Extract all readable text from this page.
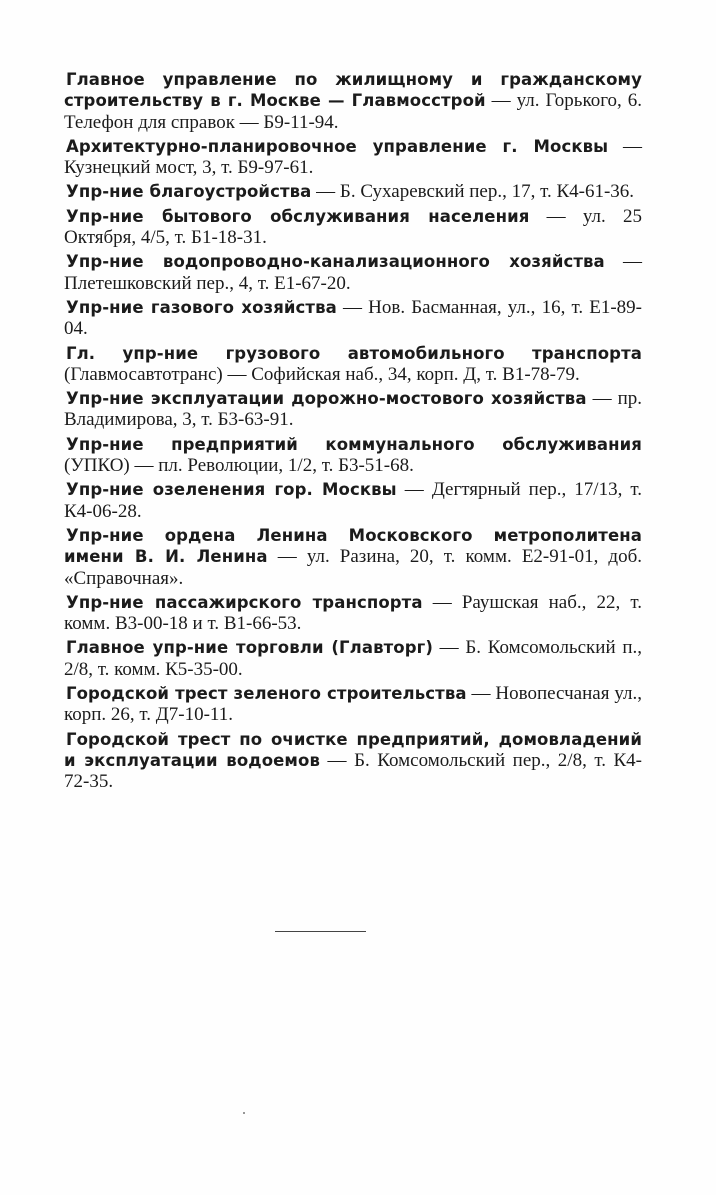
Главное управление по жилищному и гражданскому строительству в г. Москве — Главмосстрой — ул. Горького, 6. Телефон для справок — Б9-11-94.
Архитектурно-планировочное управление г. Москвы — Кузнецкий мост, 3, т. Б9-97-61.
Упр-ние благоустройства — Б. Сухаревский пер., 17, т. К4-61-36.
Упр-ние бытового обслуживания населения — ул. 25 Октября, 4/5, т. Б1-18-31.
Упр-ние водопроводно-канализационного хозяйства — Плетешковский пер., 4, т. Е1-67-20.
Упр-ние газового хозяйства — Нов. Басманная, ул., 16, т. Е1-89-04.
Гл. упр-ние грузового автомобильного транспорта (Главмосавтотранс) — Софийская наб., 34, корп. Д, т. В1-78-79.
Упр-ние эксплуатации дорожно-мостового хозяйства — пр. Владимирова, 3, т. Б3-63-91.
Упр-ние предприятий коммунального обслуживания (УПКО) — пл. Революции, 1/2, т. Б3-51-68.
Упр-ние озеленения гор. Москвы — Дегтярный пер., 17/13, т. К4-06-28.
Упр-ние ордена Ленина Московского метрополитена имени В. И. Ленина — ул. Разина, 20, т. комм. Е2-91-01, доб. «Справочная».
Упр-ние пассажирского транспорта — Раушская наб., 22, т. комм. В3-00-18 и т. В1-66-53.
Главное упр-ние торговли (Главторг) — Б. Комсомольский п., 2/8, т. комм. К5-35-00.
Городской трест зеленого строительства — Новопесчаная ул., корп. 26, т. Д7-10-11.
Городской трест по очистке предприятий, домовладений и эксплуатации водоемов — Б. Комсомольский пер., 2/8, т. К4-72-35.
